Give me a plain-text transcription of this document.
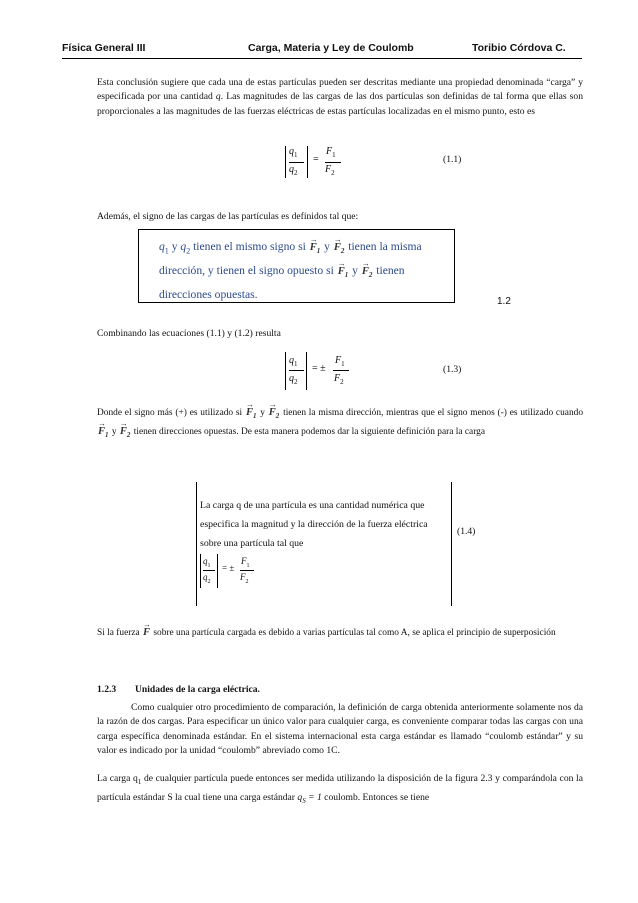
Física General III	Carga, Materia y Ley de Coulomb	Toribio Córdova C.
Esta conclusión sugiere que cada una de estas partículas pueden ser descritas mediante una propiedad denominada “carga” y especificada por una cantidad q. Las magnitudes de las cargas de las dos partículas son definidas de tal forma que ellas son proporcionales a las magnitudes de las fuerzas eléctricas de estas partículas localizadas en el mismo punto, esto es
$q_1$
$q_2$
=
$F_1$
$F_2$
(1.1)
Además, el signo de las cargas de las partículas es definidos tal que:
$q_1$ y $q_2$ tienen el mismo signo si → $F_1$ $y \to F_2$ tienen la misma dirección, y tienen el signo opuesto si → $F_1$ $y \to F_2$ tienen direcciones opuestas.
1.2
Combinando las ecuaciones (1.1) y (1.2) resulta
$q_1$
$q_2$
= ±
$F_1$
$F_2$
(1.3)
Donde el signo más (+) es utilizado si → $F_1$ $y \to F_2$ tienen la misma dirección, mientras que el signo menos (-) es utilizado cuando → $F_1$ $y \to F_2$ tienen direcciones opuestas. De esta manera podemos dar la siguiente definición para la carga
La carga q de una partícula es una cantidad numérica que especifica la magnitud y la dirección de la fuerza eléctrica sobre una partícula tal que
$q_1$
$q_2$
= ±
$F_1$
$F_2$
(1.4)
Si la fuerza → F sobre una partícula cargada es debido a varias partículas tal como A, se aplica el principio de superposición
1.2.3 Unidades de la carga eléctrica.
Como cualquier otro procedimiento de comparación, la definición de carga obtenida anteriormente solamente nos da la razón de dos cargas. Para especificar un único valor para cualquier carga, es conveniente comparar todas las cargas con una carga específica denominada estándar. En el sistema internacional esta carga estándar es llamado “coulomb estándar” y su valor es indicado por la unidad “coulomb” abreviado como 1C.
La carga $q_1$ de cualquier partícula puede entonces ser medida utilizando la disposición de la figura 2.3 y comparándola con la partícula estándar S la cual tiene una carga estándar $q_S = 1$ coulomb. Entonces se tiene
